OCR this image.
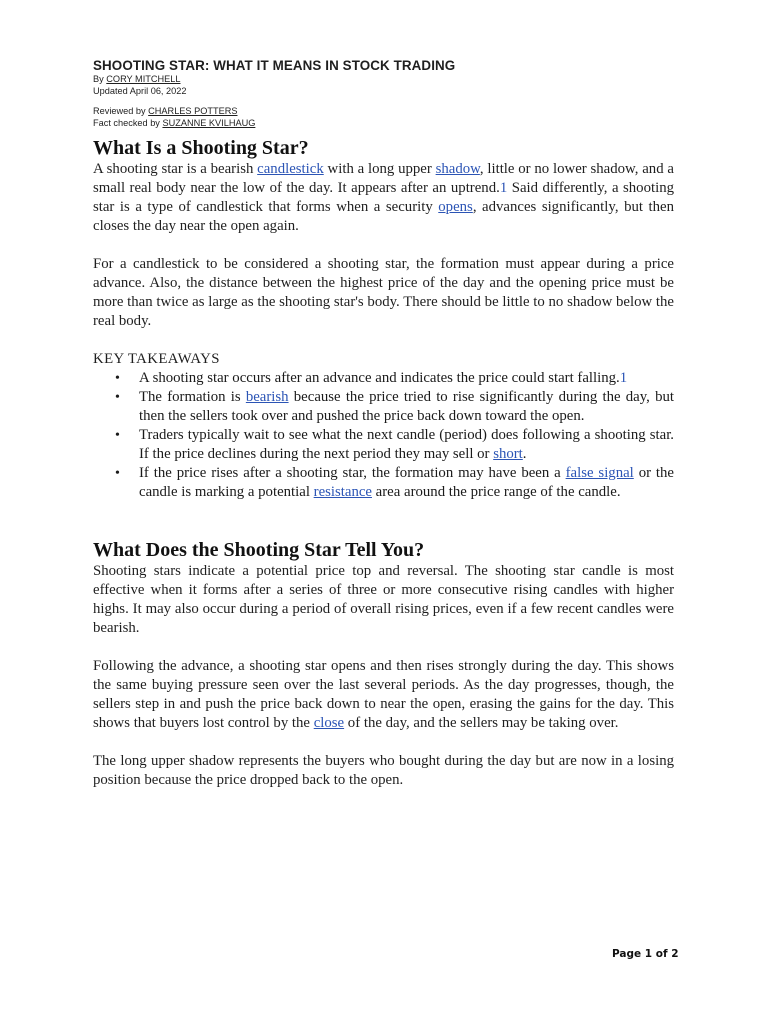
SHOOTING STAR: WHAT IT MEANS IN STOCK TRADING

By CORY MITCHELL

Updated April 06, 2022

Reviewed by CHARLES POTTERS

Fact checked by SUZANNE KVILHAUG

What Is a Shooting Star?

A shooting star is a bearish candlestick with a long upper shadow, little or no lower shadow, and a small real body near the low of the day. It appears after an uptrend.1 Said differently, a shooting star is a type of candlestick that forms when a security opens, advances significantly, but then closes the day near the open again.

For a candlestick to be considered a shooting star, the formation must appear during a price advance. Also, the distance between the highest price of the day and the opening price must be more than twice as large as the shooting star's body. There should be little to no shadow below the real body.

KEY TAKEAWAYS

• A shooting star occurs after an advance and indicates the price could start falling.1
• The formation is bearish because the price tried to rise significantly during the day, but then the sellers took over and pushed the price back down toward the open.
• Traders typically wait to see what the next candle (period) does following a shooting star. If the price declines during the next period they may sell or short.
• If the price rises after a shooting star, the formation may have been a false signal or the candle is marking a potential resistance area around the price range of the candle.
What Does the Shooting Star Tell You?

Shooting stars indicate a potential price top and reversal. The shooting star candle is most effective when it forms after a series of three or more consecutive rising candles with higher highs. It may also occur during a period of overall rising prices, even if a few recent candles were bearish.

Following the advance, a shooting star opens and then rises strongly during the day. This shows the same buying pressure seen over the last several periods. As the day progresses, though, the sellers step in and push the price back down to near the open, erasing the gains for the day. This shows that buyers lost control by the close of the day, and the sellers may be taking over.

The long upper shadow represents the buyers who bought during the day but are now in a losing position because the price dropped back to the open.

Page 1 of 2
